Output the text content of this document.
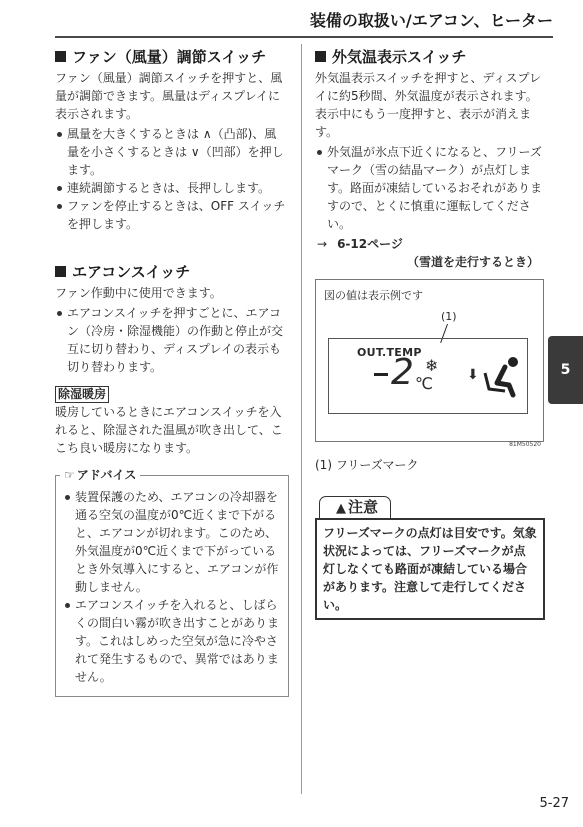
装備の取扱い/エアコン、ヒーター
ファン（風量）調節スイッチ

ファン（風量）調節スイッチを押すと、風量が調節できます。風量はディスプレイに表示されます。

風量を大きくするときは ∧（凸部)、風量を小さくするときは ∨（凹部）を押します。
連続調節するときは、長押しします。
ファンを停止するときは、OFF スイッチを押します。
エアコンスイッチ

ファン作動中に使用できます。

エアコンスイッチを押すごとに、エアコン（冷房・除湿機能）の作動と停止が交互に切り替わり、ディスプレイの表示も切り替わります。
除湿暖房

暖房しているときにエアコンスイッチを入れると、除湿された温風が吹き出して、ここち良い暖房になります。

☞ アドバイス
装置保護のため、エアコンの冷却器を通る空気の温度が0℃近くまで下がると、エアコンが切れます。このため、外気温度が0℃近くまで下がっているとき外気導入にすると、エアコンが作動しません。
エアコンスイッチを入れると、しばらくの間白い霧が吹き出すことがあります。これはしめった空気が急に冷やされて発生するもので、異常ではありません。
外気温表示スイッチ

外気温表示スイッチを押すと、ディスプレイに約5秒間、外気温度が表示されます。

表示中にもう一度押すと、表示が消えます。

外気温が氷点下近くになると、フリーズマーク（雪の結晶マーク）が点灯します。路面が凍結しているおそれがありますので、とくに慎重に運転してください。
→ 6-12ページ
（雪道を走行するとき）
図の値は表示例です
(1)
OUT.TEMP
2 ❄
℃ ⬇
81M50520
(1) フリーズマーク
▲ 注意
フリーズマークの点灯は目安です。気象状況によっては、フリーズマークが点灯しなくても路面が凍結している場合があります。注意して走行してください。
5
5-27
